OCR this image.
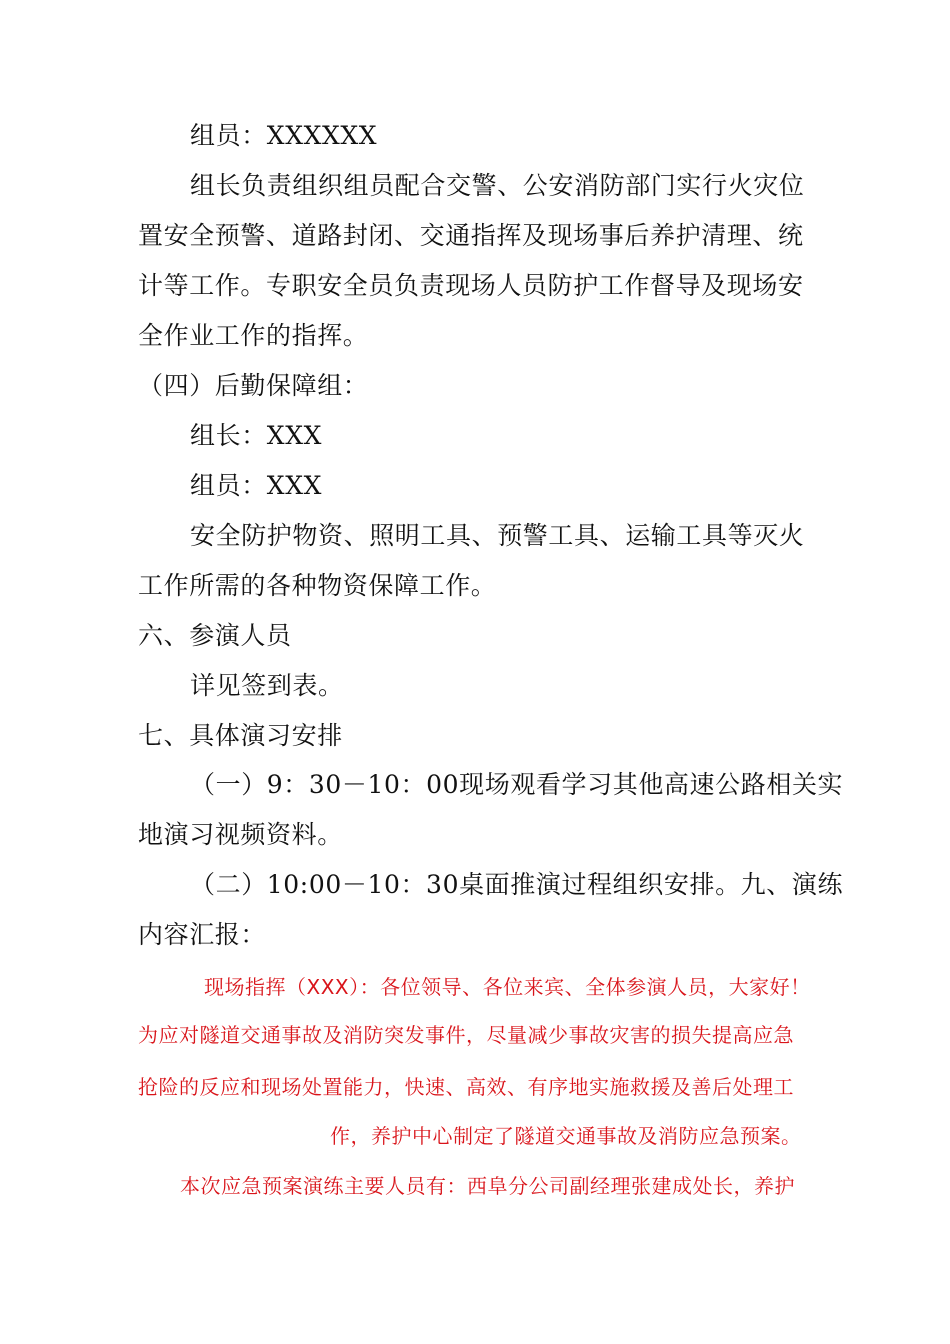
组员：XXXXXX
组长负责组织组员配合交警、公安消防部门实行火灾位
置安全预警、道路封闭、交通指挥及现场事后养护清理、统
计等工作。专职安全员负责现场人员防护工作督导及现场安
全作业工作的指挥。
（四）后勤保障组：
组长：XXX
组员：XXX
安全防护物资、照明工具、预警工具、运输工具等灭火
工作所需的各种物资保障工作。
六、参演人员
详见签到表。
七、具体演习安排
（一）9：30－10：00现场观看学习其他高速公路相关实
地演习视频资料。
（二）10:00－10：30桌面推演过程组织安排。九、演练
内容汇报：
现场指挥（XXX）：各位领导、各位来宾、全体参演人员，大家好！
为应对隧道交通事故及消防突发事件，尽量减少事故灾害的损失提高应急
抢险的反应和现场处置能力，快速、高效、有序地实施救援及善后处理工
作，养护中心制定了隧道交通事故及消防应急预案。
本次应急预案演练主要人员有：西阜分公司副经理张建成处长，养护
